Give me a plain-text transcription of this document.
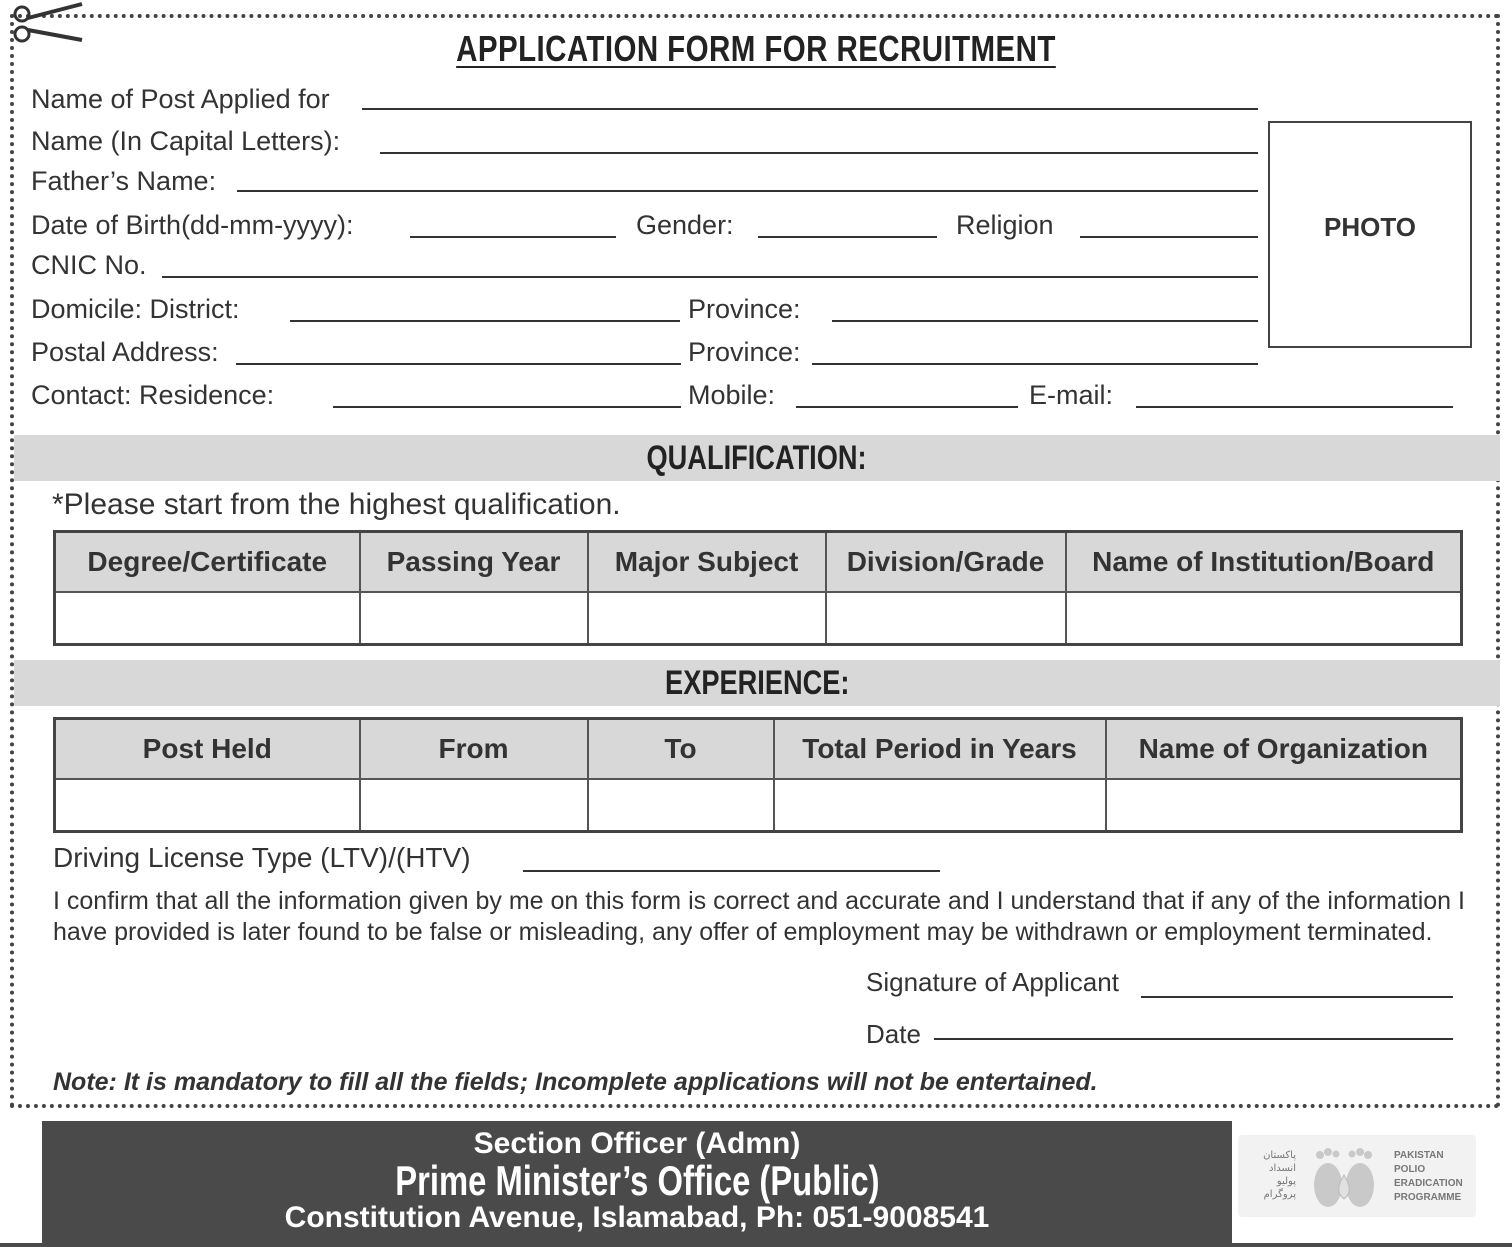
APPLICATION FORM FOR RECRUITMENT
Name of Post Applied for
Name (In Capital Letters):
Father’s Name:
Date of Birth(dd-mm-yyyy):	Gender:	Religion
CNIC No.
Domicile: District:	Province:
Postal Address:	Province:
Contact: Residence:	Mobile:	E-mail:
PHOTO
QUALIFICATION:
*Please start from the highest qualification.
Degree/Certificate	Passing Year	Major Subject	Division/Grade	Name of Institution/Board

EXPERIENCE:
Post Held	From	To	Total Period in Years	Name of Organization

Driving License Type (LTV)/(HTV)
I confirm that all the information given by me on this form is correct and accurate and I understand that if any of the information I have provided is later found to be false or misleading, any offer of employment may be withdrawn or employment terminated.
Signature of Applicant
Date
Note: It is mandatory to fill all the fields; Incomplete applications will not be entertained.
Section Officer (Admn)
Prime Minister’s Office (Public)
Constitution Avenue, Islamabad, Ph: 051-9008541
پاکستان
انسداد
پولیو
پروگرام
PAKISTAN
POLIO
ERADICATION
PROGRAMME
